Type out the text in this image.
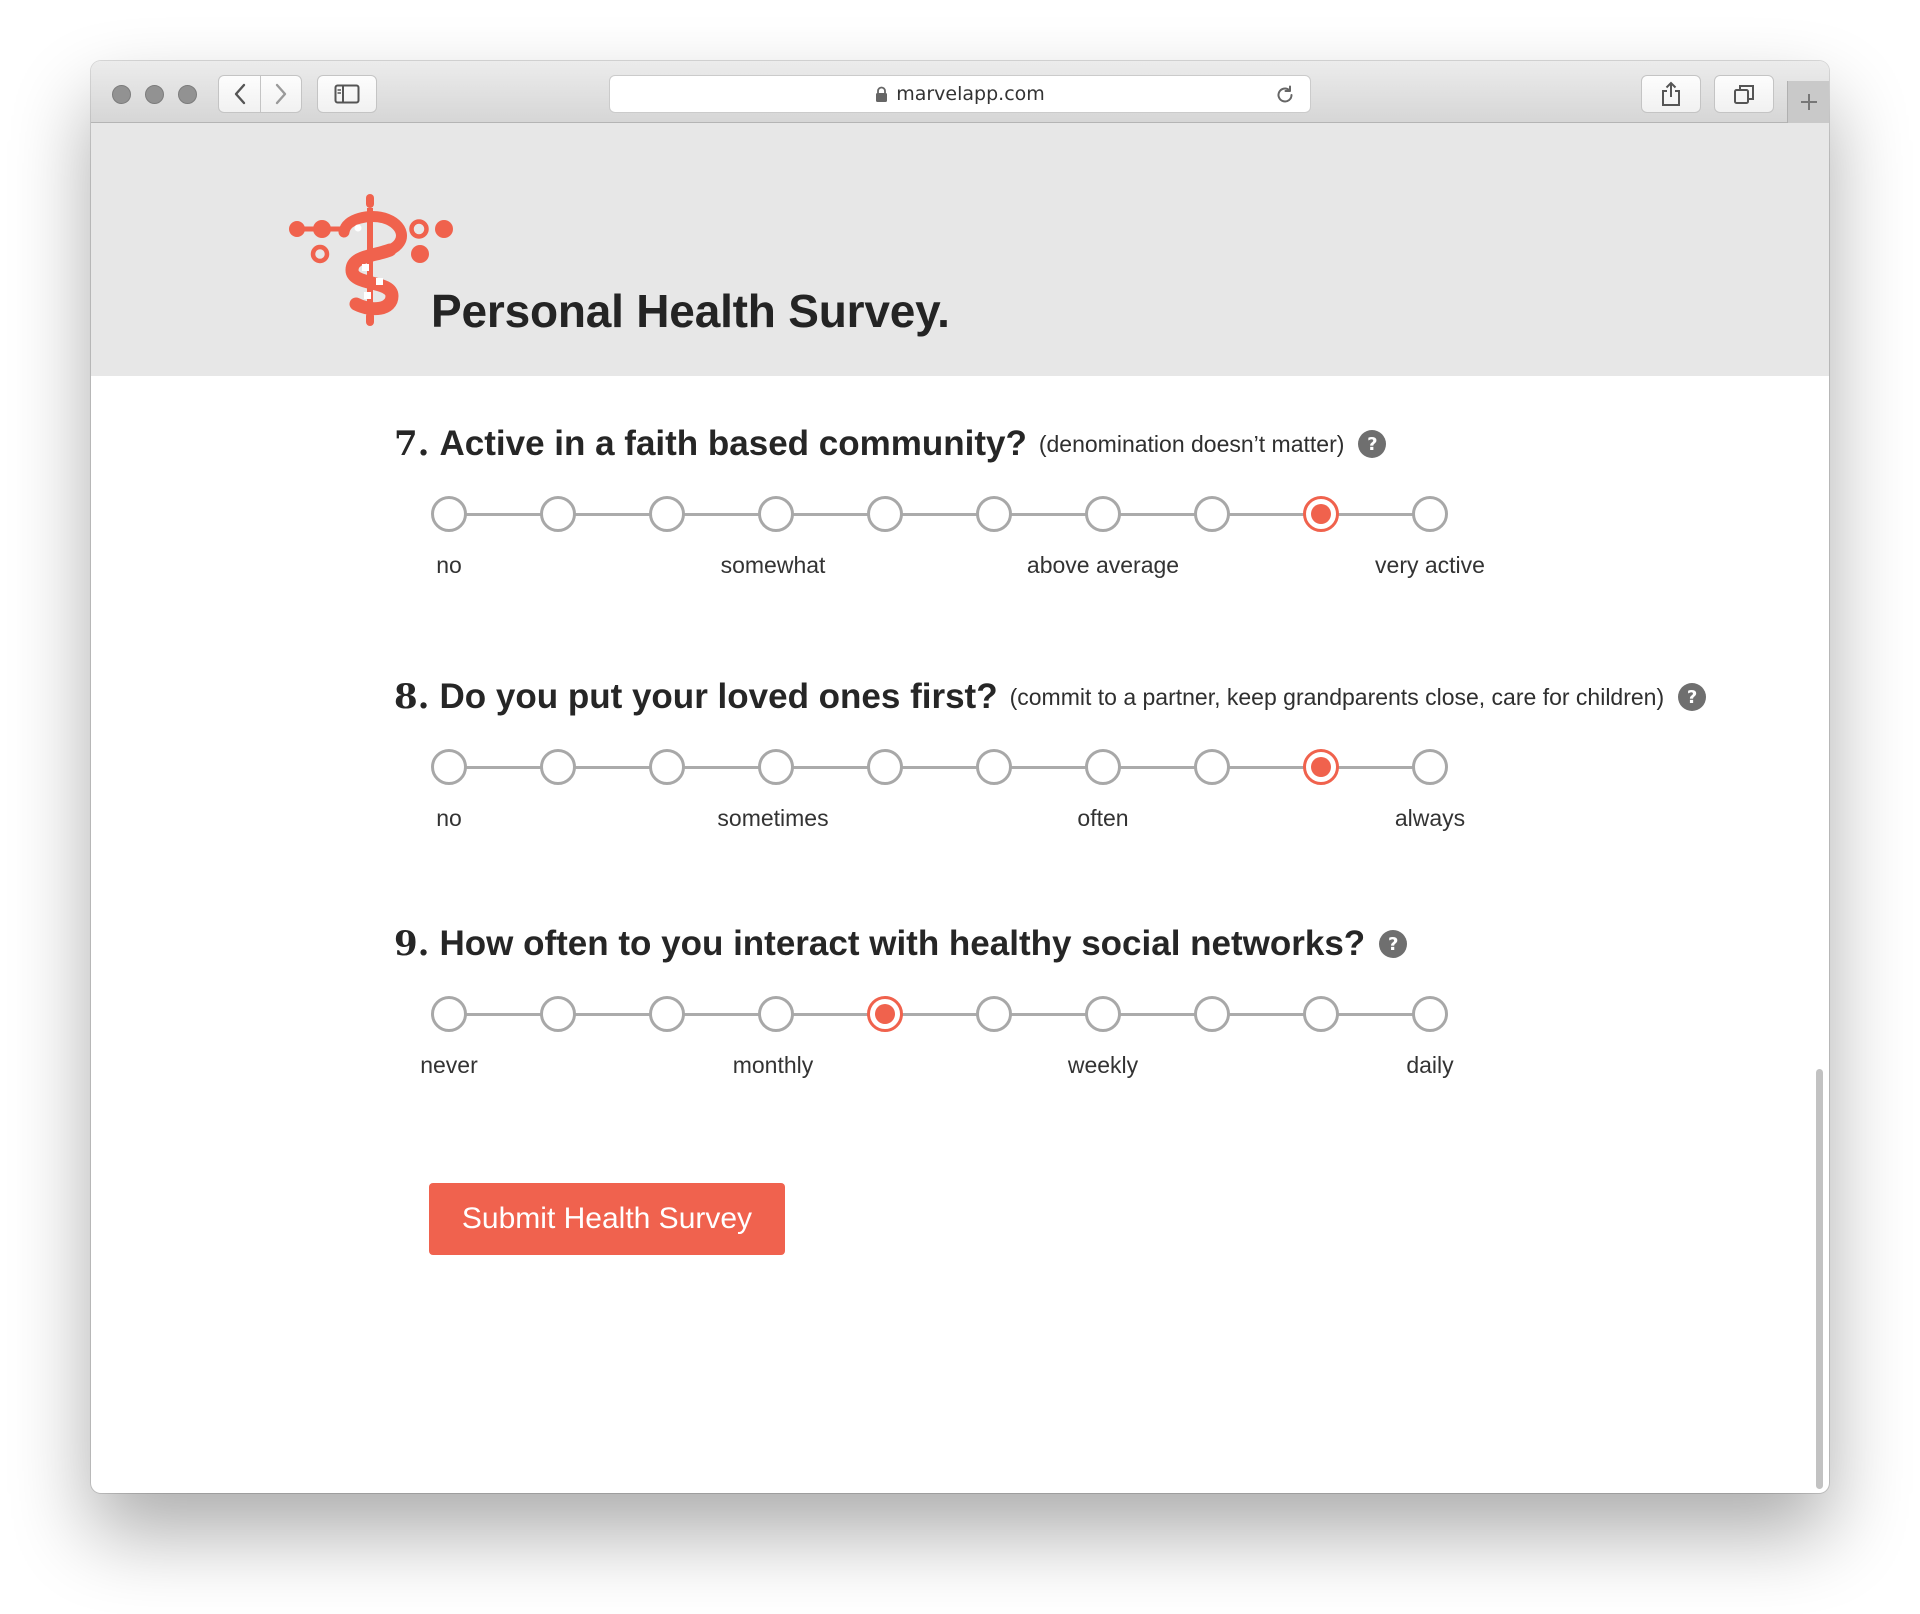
marvelapp.com
Personal Health Survey.
7. Active in a faith based community? (denomination doesn’t matter)	?
no	somewhat	above average	very active
8. Do you put your loved ones first? (commit to a partner, keep grandparents close, care for children)	?
no	sometimes	often	always
9. How often to you interact with healthy social networks?	?
never	monthly	weekly	daily
Submit Health Survey
